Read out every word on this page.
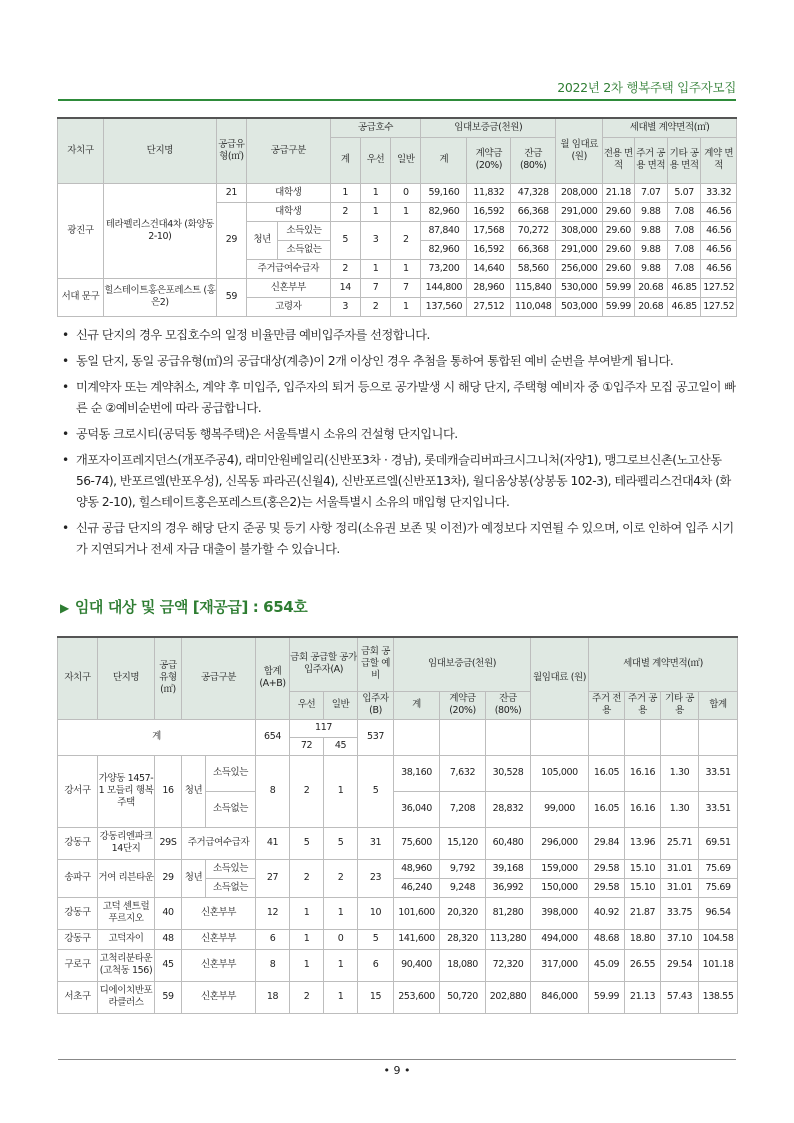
2022년 2차 행복주택 입주자모집
자치구	단지명	공급유형(㎡)	공급구분		공급호수			임대보증금(천원)			월 임대료 (원)	세대별 계약면적(㎡)			
					계	우선	일반	계	계약금 (20%)	잔금 (80%)		전용 면적	주거 공용 면적	기타 공용 면적	계약 면적
광진구	테라펠리스건대4차 (화양동 2-10)	21	대학생		1	1	0	59,160	11,832	47,328	208,000	21.18	7.07	5.07	33.32
		29	대학생		2	1	1	82,960	16,592	66,368	291,000	29.60	9.88	7.08	46.56
			청년	소득있는	5	3	2	87,840	17,568	70,272	308,000	29.60	9.88	7.08	46.56
				소득없는				82,960	16,592	66,368	291,000	29.60	9.88	7.08	46.56
			주거급여수급자		2	1	1	73,200	14,640	58,560	256,000	29.60	9.88	7.08	46.56
서대 문구	힐스테이트홍은포레스트 (홍은2)	59	신혼부부		14	7	7	144,800	28,960	115,840	530,000	59.99	20.68	46.85	127.52
			고령자		3	2	1	137,560	27,512	110,048	503,000	59.99	20.68	46.85	127.52
• 신규 단지의 경우 모집호수의 일정 비율만큼 예비입주자를 선정합니다.
• 동일 단지, 동일 공급유형(㎡)의 공급대상(계층)이 2개 이상인 경우 추첨을 통하여 통합된 예비 순번을 부여받게 됩니다.
• 미계약자 또는 계약취소, 계약 후 미입주, 입주자의 퇴거 등으로 공가발생 시 해당 단지, 주택형 예비자 중 ①입주자 모집 공고일이 빠른 순 ②예비순번에 따라 공급합니다.
• 공덕동 크로시티(공덕동 행복주택)은 서울특별시 소유의 건설형 단지입니다.
• 개포자이프레지던스(개포주공4), 래미안원베일리(신반포3차 · 경남), 롯데캐슬리버파크시그니처(자양1), 맹그로브신촌(노고산동 56-74), 반포르엘(반포우성), 신목동 파라곤(신월4), 신반포르엘(신반포13차), 월디움상봉(상봉동 102-3), 테라펠리스건대4차 (화양동 2-10), 힐스테이트홍은포레스트(홍은2)는 서울특별시 소유의 매입형 단지입니다.
• 신규 공급 단지의 경우 해당 단지 준공 및 등기 사항 정리(소유권 보존 및 이전)가 예정보다 지연될 수 있으며, 이로 인하여 입주 시기가 지연되거나 전세 자금 대출이 불가할 수 있습니다.
▶ 임대 대상 및 금액 [재공급] : 654호
자치구	단지명	공급유형(㎡)	공급구분		합계 (A+B)	금회 공급할 공가 입주자(A)		금회 공급할 예비	임대보증금(천원)			월임대료 (원)	세대별 계약면적(㎡)			
						우선	일반	입주자 (B)	계	계약금 (20%)	잔금 (80%)		주거 전용	주거 공용	기타 공용	합계
계					654	117		537								
						72	45									
강서구	가양동 1457-1 모들리 행복주택	16	청년	소득있는	8	2	1	5	38,160	7,632	30,528	105,000	16.05	16.16	1.30	33.51
				소득없는					36,040	7,208	28,832	99,000	16.05	16.16	1.30	33.51
강동구	강동리엔파크 14단지	29S	주거급여수급자		41	5	5	31	75,600	15,120	60,480	296,000	29.84	13.96	25.71	69.51
송파구	거여 리븐타운	29	청년	소득있는	27	2	2	23	48,960	9,792	39,168	159,000	29.58	15.10	31.01	75.69
				소득없는					46,240	9,248	36,992	150,000	29.58	15.10	31.01	75.69
강동구	고덕 센트럴 푸르지오	40	신혼부부		12	1	1	10	101,600	20,320	81,280	398,000	40.92	21.87	33.75	96.54
강동구	고덕자이	48	신혼부부		6	1	0	5	141,600	28,320	113,280	494,000	48.68	18.80	37.10	104.58
구로구	고척리분타운 (고척동 156)	45	신혼부부		8	1	1	6	90,400	18,080	72,320	317,000	45.09	26.55	29.54	101.18
서초구	디에이치반포 라클러스	59	신혼부부		18	2	1	15	253,600	50,720	202,880	846,000	59.99	21.13	57.43	138.55
• 9 •
